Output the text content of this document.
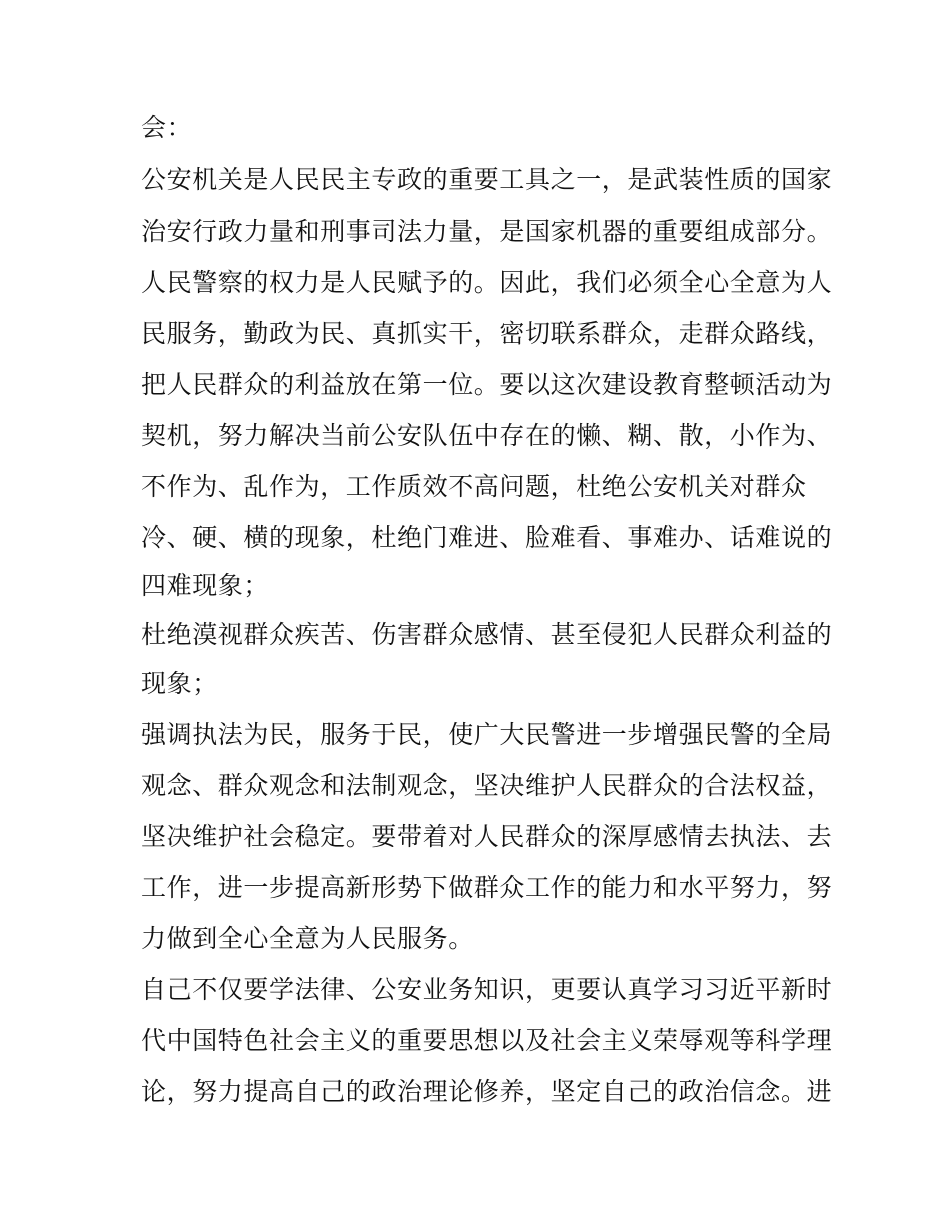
会：
公安机关是人民民主专政的重要工具之一，是武装性质的国家
治安行政力量和刑事司法力量，是国家机器的重要组成部分。
人民警察的权力是人民赋予的。因此，我们必须全心全意为人
民服务，勤政为民、真抓实干，密切联系群众，走群众路线，
把人民群众的利益放在第一位。要以这次建设教育整顿活动为
契机，努力解决当前公安队伍中存在的懒、糊、散，小作为、
不作为、乱作为，工作质效不高问题，杜绝公安机关对群众
冷、硬、横的现象，杜绝门难进、脸难看、事难办、话难说的
四难现象；
杜绝漠视群众疾苦、伤害群众感情、甚至侵犯人民群众利益的
现象；
强调执法为民，服务于民，使广大民警进一步增强民警的全局
观念、群众观念和法制观念，坚决维护人民群众的合法权益，
坚决维护社会稳定。要带着对人民群众的深厚感情去执法、去
工作，进一步提高新形势下做群众工作的能力和水平努力，努
力做到全心全意为人民服务。
自己不仅要学法律、公安业务知识，更要认真学习习近平新时
代中国特色社会主义的重要思想以及社会主义荣辱观等科学理
论，努力提高自己的政治理论修养，坚定自己的政治信念。进
